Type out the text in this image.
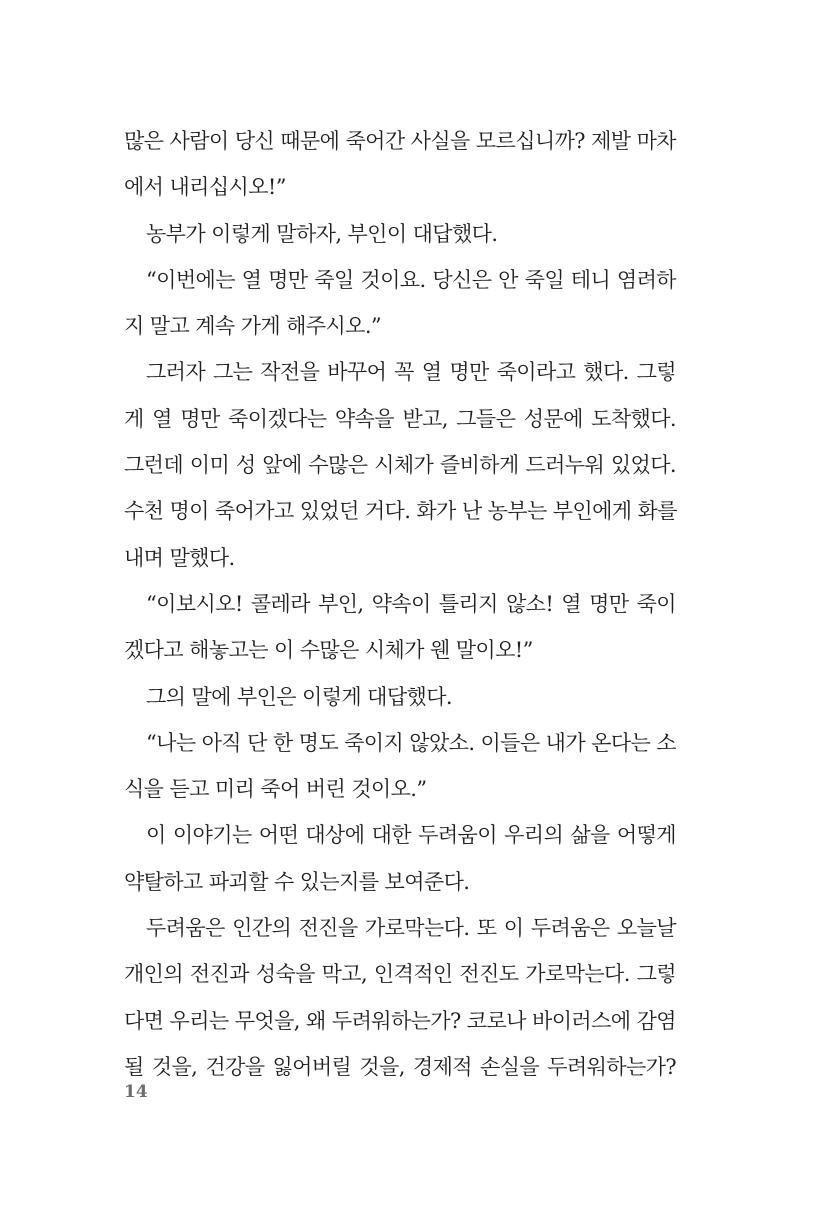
많은 사람이 당신 때문에 죽어간 사실을 모르십니까? 제발 마차
에서 내리십시오!”
농부가 이렇게 말하자, 부인이 대답했다.
“이번에는 열 명만 죽일 것이요. 당신은 안 죽일 테니 염려하
지 말고 계속 가게 해주시오.”
그러자 그는 작전을 바꾸어 꼭 열 명만 죽이라고 했다. 그렇
게 열 명만 죽이겠다는 약속을 받고, 그들은 성문에 도착했다.
그런데 이미 성 앞에 수많은 시체가 즐비하게 드러누워 있었다.
수천 명이 죽어가고 있었던 거다. 화가 난 농부는 부인에게 화를
내며 말했다.
“이보시오! 콜레라 부인, 약속이 틀리지 않소! 열 명만 죽이
겠다고 해놓고는 이 수많은 시체가 웬 말이오!”
그의 말에 부인은 이렇게 대답했다.
“나는 아직 단 한 명도 죽이지 않았소. 이들은 내가 온다는 소
식을 듣고 미리 죽어 버린 것이오.”
이 이야기는 어떤 대상에 대한 두려움이 우리의 삶을 어떻게
약탈하고 파괴할 수 있는지를 보여준다.
두려움은 인간의 전진을 가로막는다. 또 이 두려움은 오늘날
개인의 전진과 성숙을 막고, 인격적인 전진도 가로막는다. 그렇
다면 우리는 무엇을, 왜 두려워하는가? 코로나 바이러스에 감염
될 것을, 건강을 잃어버릴 것을, 경제적 손실을 두려워하는가?
14
